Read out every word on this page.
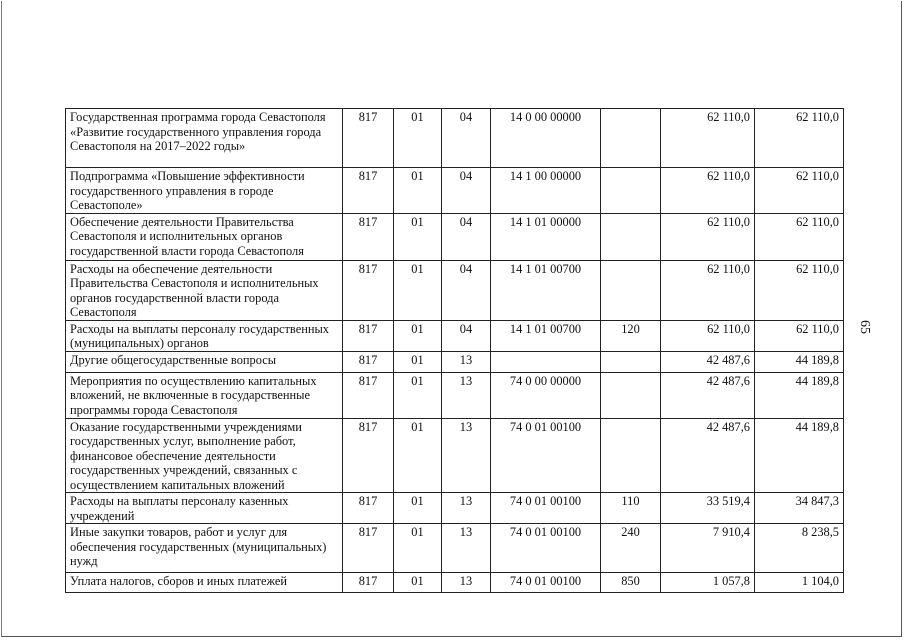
Государственная программа города Севастополя «Развитие государственного управления города Севастополя на 2017–2022 годы»	817	01	04	14 0 00 00000		62 110,0	62 110,0
Подпрограмма «Повышение эффективности государственного управления в городе Севастополе»	817	01	04	14 1 00 00000		62 110,0	62 110,0
Обеспечение деятельности Правительства Севастополя и исполнительных органов государственной власти города Севастополя	817	01	04	14 1 01 00000		62 110,0	62 110,0
Расходы на обеспечение деятельности Правительства Севастополя и исполнительных органов государственной власти города Севастополя	817	01	04	14 1 01 00700		62 110,0	62 110,0
Расходы на выплаты персоналу государственных (муниципальных) органов	817	01	04	14 1 01 00700	120	62 110,0	62 110,0
Другие общегосударственные вопросы	817	01	13			42 487,6	44 189,8
Мероприятия по осуществлению капитальных вложений, не включенные в государственные программы города Севастополя	817	01	13	74 0 00 00000		42 487,6	44 189,8
Оказание государственными учреждениями государственных услуг, выполнение работ, финансовое обеспечение деятельности государственных учреждений, связанных с осуществлением капитальных вложений	817	01	13	74 0 01 00100		42 487,6	44 189,8
Расходы на выплаты персоналу казенных учреждений	817	01	13	74 0 01 00100	110	33 519,4	34 847,3
Иные закупки товаров, работ и услуг для обеспечения государственных (муниципальных) нужд	817	01	13	74 0 01 00100	240	7 910,4	8 238,5
Уплата налогов, сборов и иных платежей	817	01	13	74 0 01 00100	850	1 057,8	1 104,0
65
